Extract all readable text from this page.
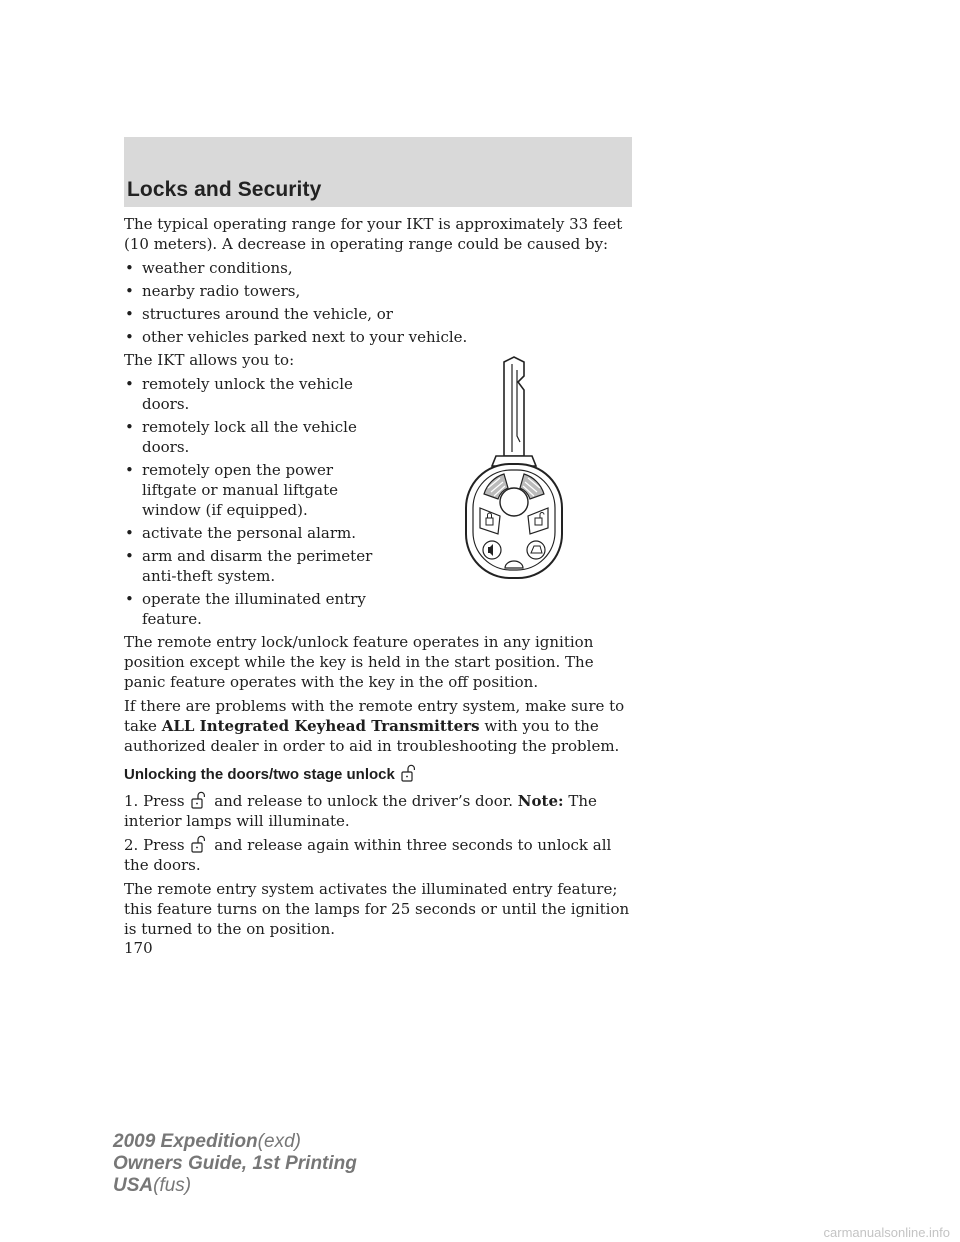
Locks and Security

The typical operating range for your IKT is approximately 33 feet (10 meters). A decrease in operating range could be caused by:

• weather conditions,
• nearby radio towers,
• structures around the vehicle, or
• other vehicles parked next to your vehicle.

The IKT allows you to:

• remotely unlock the vehicle doors.
• remotely lock all the vehicle doors.
• remotely open the power liftgate or manual liftgate window (if equipped).
• activate the personal alarm.
• arm and disarm the perimeter anti-theft system.
• operate the illuminated entry feature.

The remote entry lock/unlock feature operates in any ignition position except while the key is held in the start position. The panic feature operates with the key in the off position.

If there are problems with the remote entry system, make sure to take ALL Integrated Keyhead Transmitters with you to the authorized dealer in order to aid in troubleshooting the problem.

Unlocking the doors/two stage unlock

1. Press and release to unlock the driver’s door. Note: The interior lamps will illuminate.

2. Press and release again within three seconds to unlock all the doors.

The remote entry system activates the illuminated entry feature; this feature turns on the lamps for 25 seconds or until the ignition is turned to the on position.

170
2009 Expedition(exd)
Owners Guide, 1st Printing
USA(fus)
carmanualsonline.info
